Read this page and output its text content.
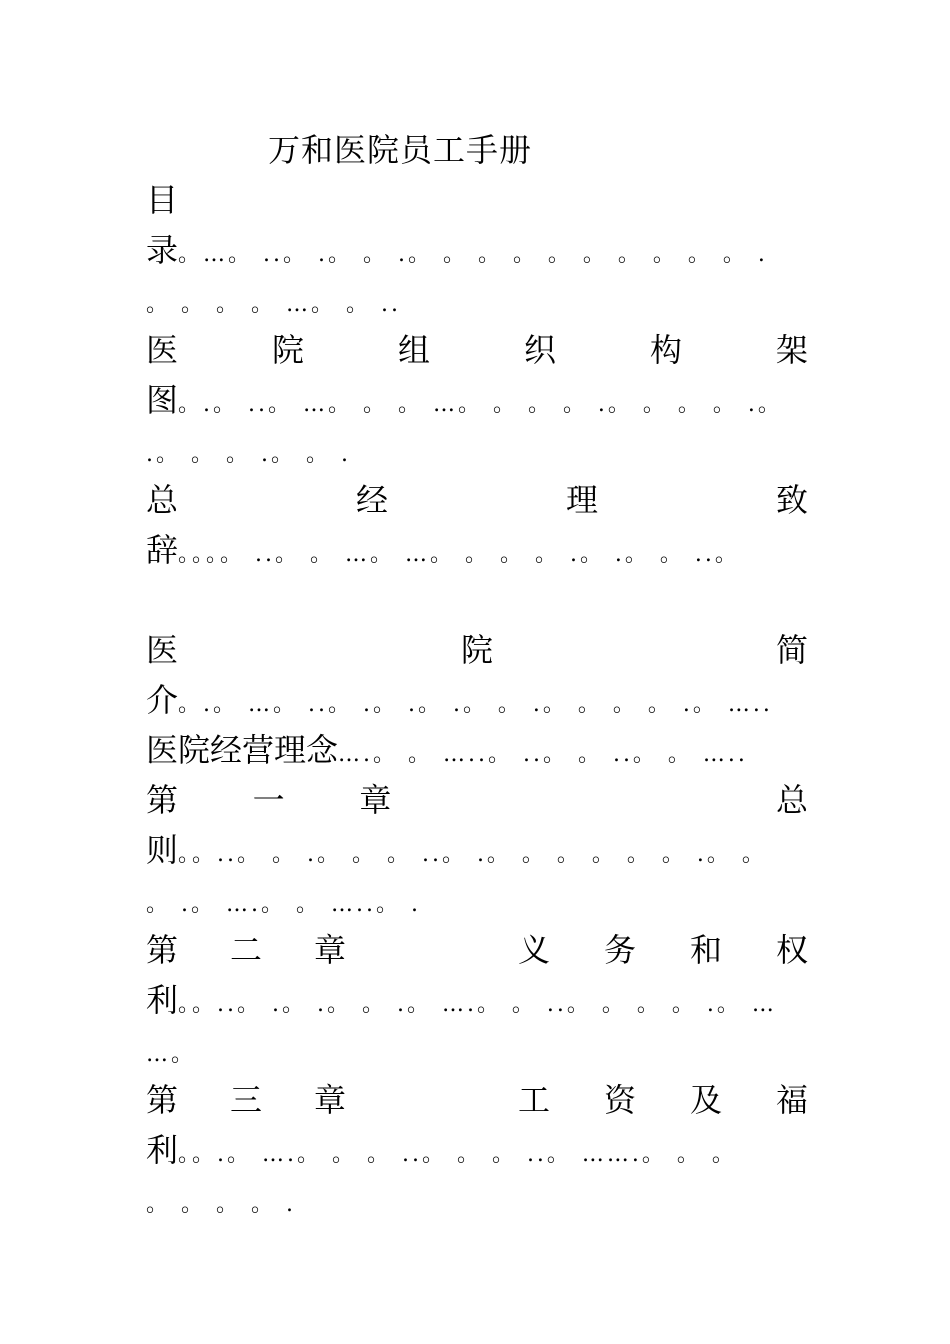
万和医院员工手册
目
录。…。 ..。 .。 。 .。 。 。 。 。 。 。 。 。 。 .
。 。 。 。 …。 。 ..
医	院	组	织	构	架
图。.。 ..。 …。 。 。 …。 。 。 。 .。 。 。 。 .。
.。 。 。 .。 。 .
总	经	理	致
辞。。。。 ..。 。 …。 …。 。 。 。 .。 .。 。 ..。
医	院	简
介。.。 …。 ..。 .。 .。 .。 。 .。 。 。 。 .。 …..
医院经营理念….。 。 …..。 ..。 。 ..。 。 …..
第 一 章	总
则。。..。 。 .。 。 。 ..。 .。 。 。 。 。 。 .。 。
。 .。 ….。 。 …..。 .
第 二 章	义 务 和 权
利。。..。 .。 .。 。 .。 ….。 。 ..。 。 。 。 .。 …
…。
第 三 章	工 资 及 福
利。。.。 ….。 。 。 ..。 。 。 ..。 …….。 。 。
。 。 。 。 .
